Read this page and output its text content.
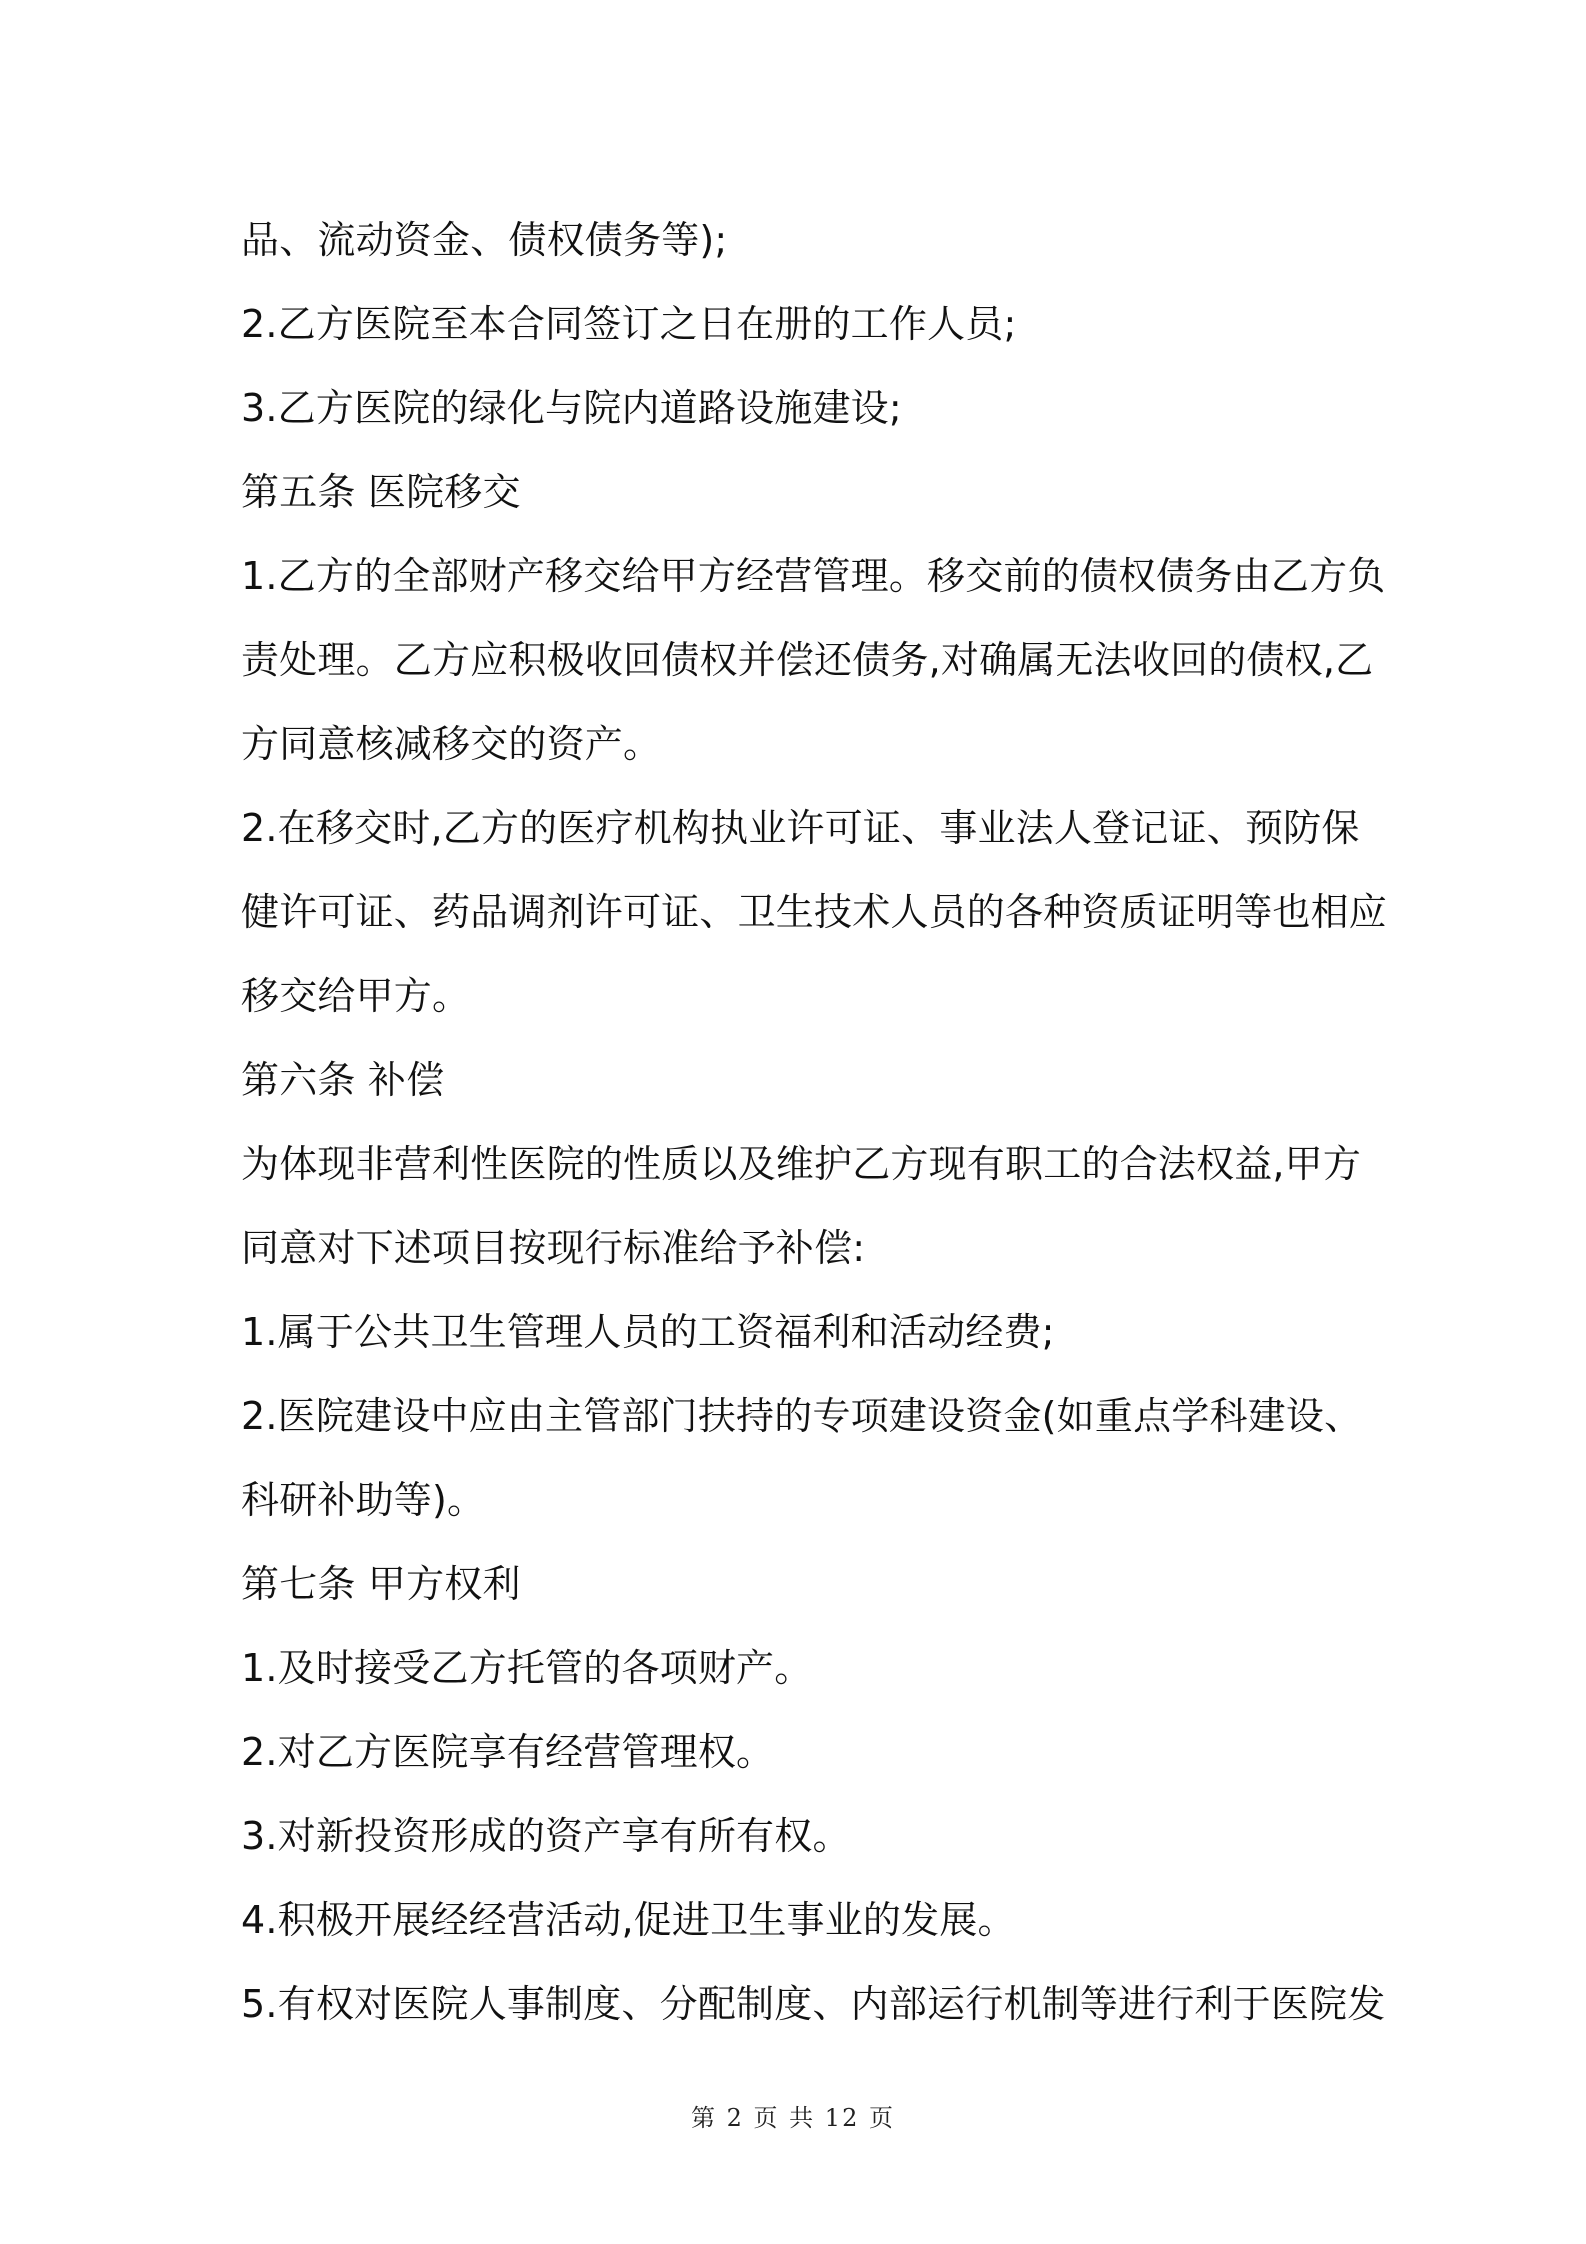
品、流动资金、债权债务等);
2.乙方医院至本合同签订之日在册的工作人员;
3.乙方医院的绿化与院内道路设施建设;
第五条 医院移交
1.乙方的全部财产移交给甲方经营管理。移交前的债权债务由乙方负
责处理。乙方应积极收回债权并偿还债务,对确属无法收回的债权,乙
方同意核减移交的资产。
2.在移交时,乙方的医疗机构执业许可证、事业法人登记证、预防保
健许可证、药品调剂许可证、卫生技术人员的各种资质证明等也相应
移交给甲方。
第六条 补偿
为体现非营利性医院的性质以及维护乙方现有职工的合法权益,甲方
同意对下述项目按现行标准给予补偿:
1.属于公共卫生管理人员的工资福利和活动经费;
2.医院建设中应由主管部门扶持的专项建设资金(如重点学科建设、
科研补助等)。
第七条 甲方权利
1.及时接受乙方托管的各项财产。
2.对乙方医院享有经营管理权。
3.对新投资形成的资产享有所有权。
4.积极开展经经营活动,促进卫生事业的发展。
5.有权对医院人事制度、分配制度、内部运行机制等进行利于医院发
第 2 页 共 12 页
